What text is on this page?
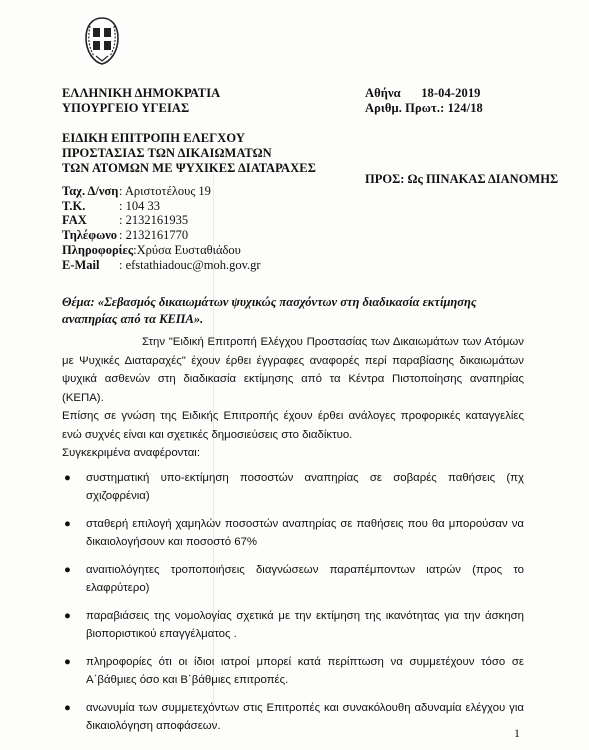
ΕΛΛΗΝΙΚΗ ΔΗΜΟΚΡΑΤΙΑ
ΥΠΟΥΡΓΕΙΟ ΥΓΕΙΑΣ
ΕΙΔΙΚΗ ΕΠΙΤΡΟΠΗ ΕΛΕΓΧΟΥ
ΠΡΟΣΤΑΣΙΑΣ ΤΩΝ ΔΙΚΑΙΩΜΑΤΩΝ
ΤΩΝ ΑΤΟΜΩΝ ΜΕ ΨΥΧΙΚΕΣ ΔΙΑΤΑΡΑΧΕΣ
Αθήνα 18-04-2019
Αριθμ. Πρωτ.: 124/18
ΠΡΟΣ: Ως ΠΙΝΑΚΑΣ ΔΙΑΝΟΜΗΣ
Ταχ. Δ/νση: Αριστοτέλους 19
Τ.Κ.	: 104 33
FAX	: 2132161935
Τηλέφωνο : 2132161770
Πληροφορίες:Χρύσα Ευσταθιάδου
E-Mail : efstathiadouc@moh.gov.gr
Θέμα: «Σεβασμός δικαιωμάτων ψυχικώς πασχόντων στη διαδικασία εκτίμησης αναπηρίας από τα ΚΕΠΑ».

Στην "Ειδική Επιτροπή Ελέγχου Προστασίας των Δικαιωμάτων των Ατόμων με Ψυχικές Διαταραχές" έχουν έρθει έγγραφες αναφορές περί παραβίασης δικαιωμάτων ψυχικά ασθενών στη διαδικασία εκτίμησης από τα Κέντρα Πιστοποίησης αναπηρίας (ΚΕΠΑ).

Επίσης σε γνώση της Ειδικής Επιτροπής έχουν έρθει ανάλογες προφορικές καταγγελίες ενώ συχνές είναι και σχετικές δημοσιεύσεις στο διαδίκτυο.

Συγκεκριμένα αναφέρονται:

● συστηματική υπο-εκτίμηση ποσοστών αναπηρίας σε σοβαρές παθήσεις (πχ σχιζοφρένια)
● σταθερή επιλογή χαμηλών ποσοστών αναπηρίας σε παθήσεις που θα μπορούσαν να δικαιολογήσουν και ποσοστό 67%
● αναιτιολόγητες τροποποιήσεις διαγνώσεων παραπέμποντων ιατρών (προς το ελαφρύτερο)
● παραβιάσεις της νομολογίας σχετικά με την εκτίμηση της ικανότητας για την άσκηση βιοποριστικού επαγγέλματος .
● πληροφορίες ότι οι ίδιοι ιατροί μπορεί κατά περίπτωση να συμμετέχουν τόσο σε Α΄βάθμιες όσο και Β΄βάθμιες επιτροπές.
● ανωνυμία των συμμετεχόντων στις Επιτροπές και συνακόλουθη αδυναμία ελέγχου για δικαιολόγηση αποφάσεων.	1
